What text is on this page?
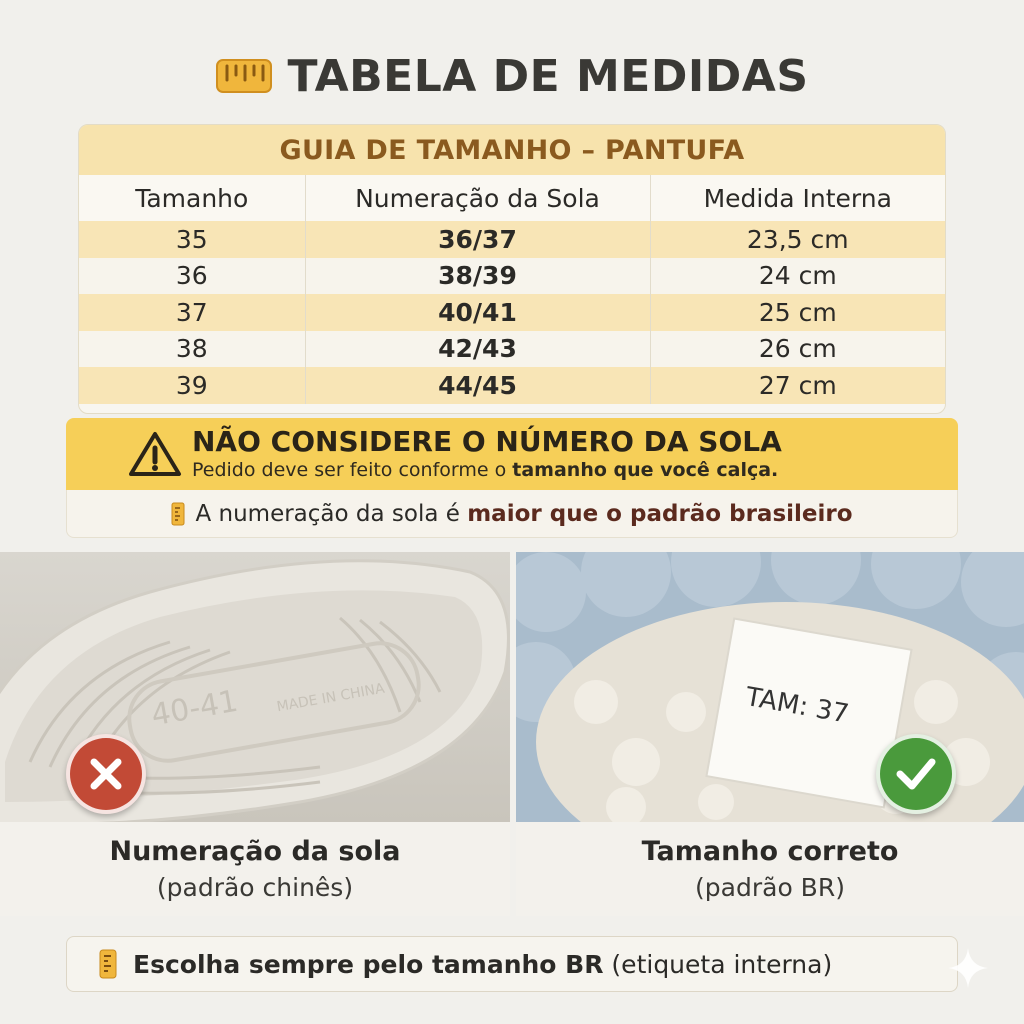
TABELA DE MEDIDAS
GUIA DE TAMANHO – PANTUFA
Tamanho	Numeração da Sola	Medida Interna
35	36/37	23,5 cm
36	38/39	24 cm
37	40/41	25 cm
38	42/43	26 cm
39	44/45	27 cm
NÃO CONSIDERE O NÚMERO DA SOLA
Pedido deve ser feito conforme o tamanho que você calça.
A numeração da sola é maior que o padrão brasileiro
40-41 MADE IN CHINA	TAM: 37
Numeração da sola
(padrão chinês)
Tamanho correto
(padrão BR)
Escolha sempre pelo tamanho BR (etiqueta interna)
